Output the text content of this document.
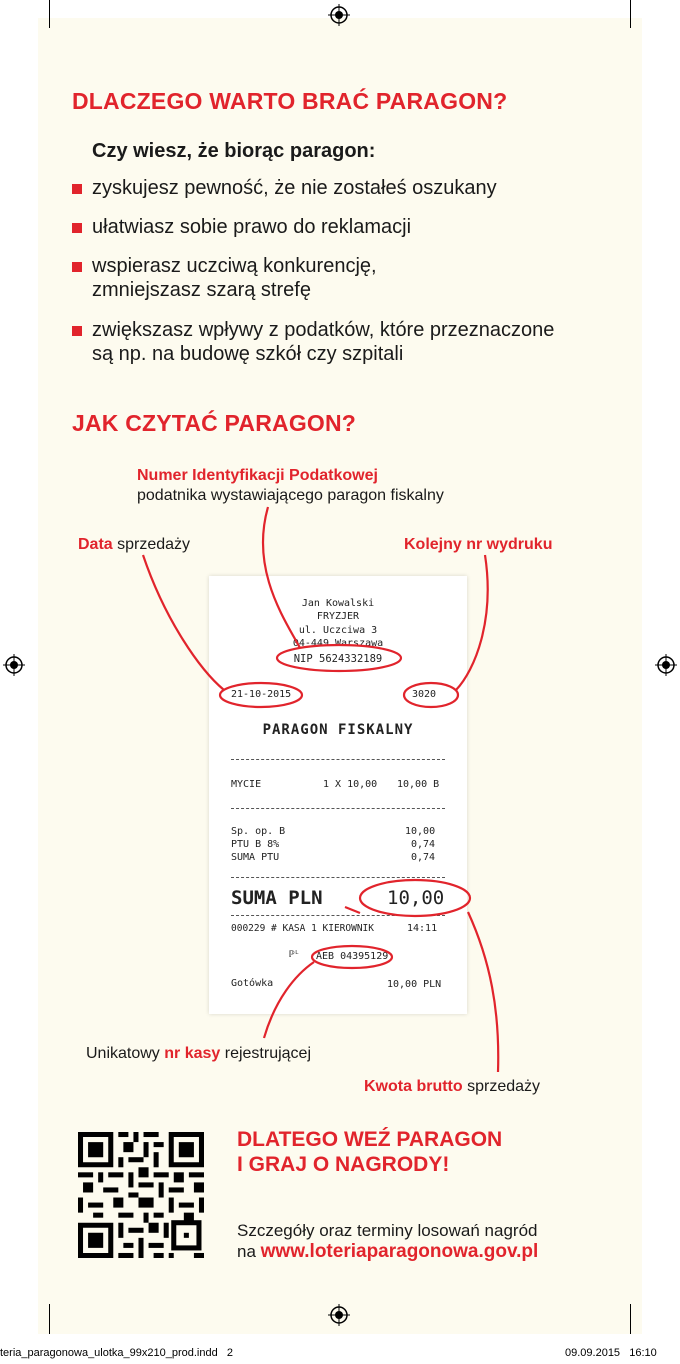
DLACZEGO WARTO BRAĆ PARAGON?
Czy wiesz, że biorąc paragon:
zyskujesz pewność, że nie zostałeś oszukany
ułatwiasz sobie prawo do reklamacji
wspierasz uczciwą konkurencję,
zmniejszasz szarą strefę
zwiększasz wpływy z podatków, które przeznaczone
są np. na budowę szkół czy szpitali
JAK CZYTAĆ PARAGON?
Numer Identyfikacji Podatkowej
podatnika wystawiającego paragon fiskalny
Data sprzedaży	Kolejny nr wydruku
Unikatowy nr kasy rejestrującej
Kwota brutto sprzedaży
Jan Kowalski
FRYZJER
ul. Uczciwa 3
04-449 Warszawa
NIP 5624332189
21-10-2015	3020
PARAGON FISKALNY
MYCIE	1 X 10,00 10,00 B
Sp. op. B	10,00
PTU B 8%	0,74
SUMA PTU	0,74
SUMA PLN	10,00
000229 # KASA 1 KIEROWNIK	14:11
ℙᴸ AEB 04395129
Gotówka	10,00 PLN
DLATEGO WEŹ PARAGON
I GRAJ O NAGRODY!
Szczegóły oraz terminy losowań nagród
na www.loteriaparagonowa.gov.pl
teria_paragonowa_ulotka_99x210_prod.indd   2	09.09.2015   16:10
